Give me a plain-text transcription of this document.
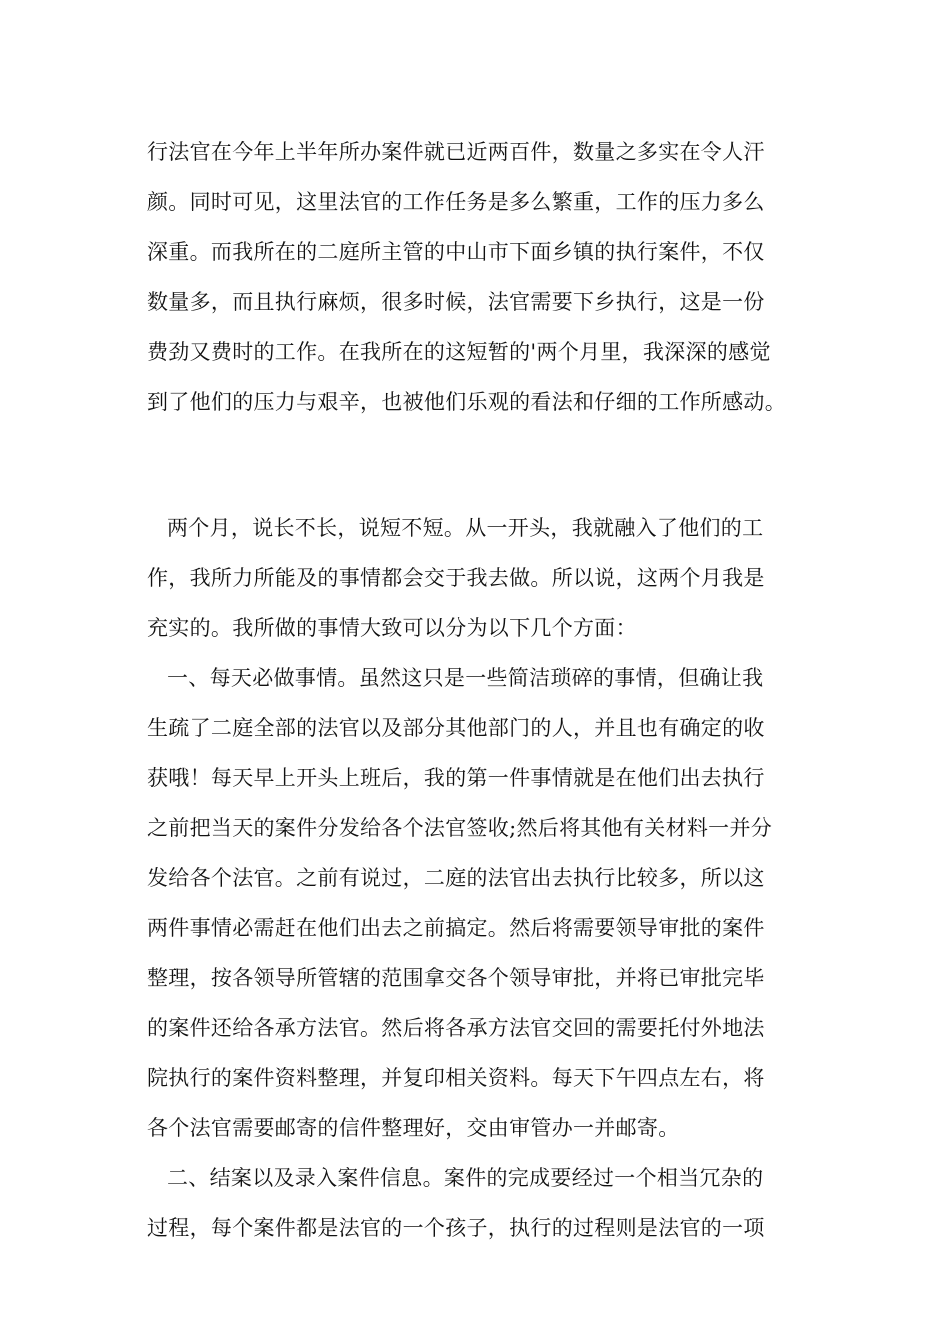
行法官在今年上半年所办案件就已近两百件，数量之多实在令人汗
颜。同时可见，这里法官的工作任务是多么繁重，工作的压力多么
深重。而我所在的二庭所主管的中山市下面乡镇的执行案件，不仅
数量多，而且执行麻烦，很多时候，法官需要下乡执行，这是一份
费劲又费时的工作。在我所在的这短暂的'两个月里，我深深的感觉
到了他们的压力与艰辛，也被他们乐观的看法和仔细的工作所感动。
两个月，说长不长，说短不短。从一开头，我就融入了他们的工
作，我所力所能及的事情都会交于我去做。所以说，这两个月我是
充实的。我所做的事情大致可以分为以下几个方面：
一、每天必做事情。虽然这只是一些简洁琐碎的事情，但确让我
生疏了二庭全部的法官以及部分其他部门的人，并且也有确定的收
获哦！每天早上开头上班后，我的第一件事情就是在他们出去执行
之前把当天的案件分发给各个法官签收;然后将其他有关材料一并分
发给各个法官。之前有说过，二庭的法官出去执行比较多，所以这
两件事情必需赶在他们出去之前搞定。然后将需要领导审批的案件
整理，按各领导所管辖的范围拿交各个领导审批，并将已审批完毕
的案件还给各承方法官。然后将各承方法官交回的需要托付外地法
院执行的案件资料整理，并复印相关资料。每天下午四点左右，将
各个法官需要邮寄的信件整理好，交由审管办一并邮寄。
二、结案以及录入案件信息。案件的完成要经过一个相当冗杂的
过程，每个案件都是法官的一个孩子，执行的过程则是法官的一项
